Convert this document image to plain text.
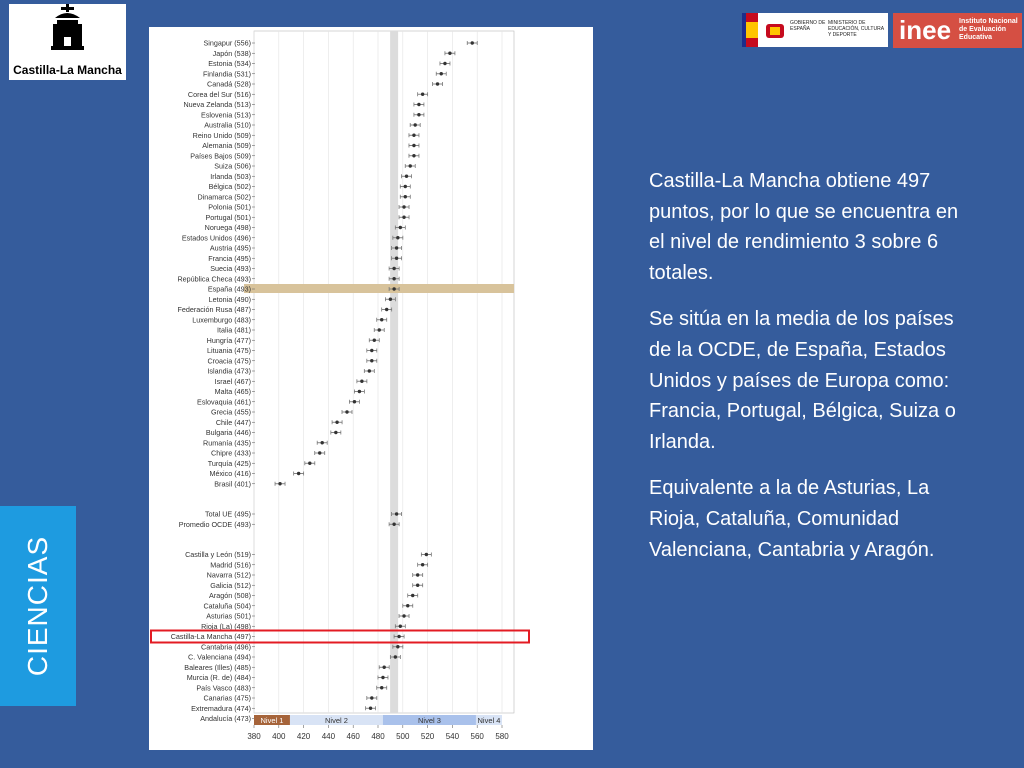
Castilla-La Mancha
GOBIERNO DE ESPAÑA
MINISTERIO DE EDUCACIÓN, CULTURA Y DEPORTE	inee Instituto Nacional de Evaluación Educativa
Singapur (556)
Japón (538)
Estonia (534)
Finlandia (531)
Canadá (528)
Corea del Sur (516)
Nueva Zelanda (513)
Eslovenia (513)
Australia (510)
Reino Unido (509)
Alemania (509)
Países Bajos (509)
Suiza (506)
Irlanda (503)
Bélgica (502)
Dinamarca (502)
Polonia (501)
Portugal (501)
Noruega (498)
Estados Unidos (496)
Austria (495)
Francia (495)
Suecia (493)
República Checa (493)
España (493)
Letonia (490)
Federación Rusa (487)
Luxemburgo (483)
Italia (481)
Hungría (477)
Lituania (475)
Croacia (475)
Islandia (473)
Israel (467)
Malta (465)
Eslovaquia (461)
Grecia (455)
Chile (447)
Bulgaria (446)
Rumanía (435)
Chipre (433)
Turquía (425)
México (416)
Brasil (401)
Total UE (495)
Promedio OCDE (493)
Castilla y León (519)
Madrid (516)
Navarra (512)
Galicia (512)
Aragón (508)
Cataluña (504)
Asturias (501)
Rioja (La) (498)
Castilla-La Mancha (497)
Cantabria (496)
C. Valenciana (494)
Baleares (Illes) (485)
Murcia (R. de) (484)
País Vasco (483)
Canarias (475)
Extremadura (474)
Andalucía (473) Nivel 1	Nivel 2	Nivel 3	Nivel 4
380 400 420 440 460 480 500 520 540 560 580
CIENCIAS

Castilla-La Mancha obtiene 497 puntos, por lo que se encuentra en el nivel de rendimiento 3 sobre 6 totales.

Se sitúa en la media de los países de la OCDE, de España, Estados Unidos y países de Europa como: Francia, Portugal, Bélgica, Suiza o Irlanda.

Equivalente a la de Asturias, La Rioja, Cataluña, Comunidad Valenciana, Cantabria y Aragón.
